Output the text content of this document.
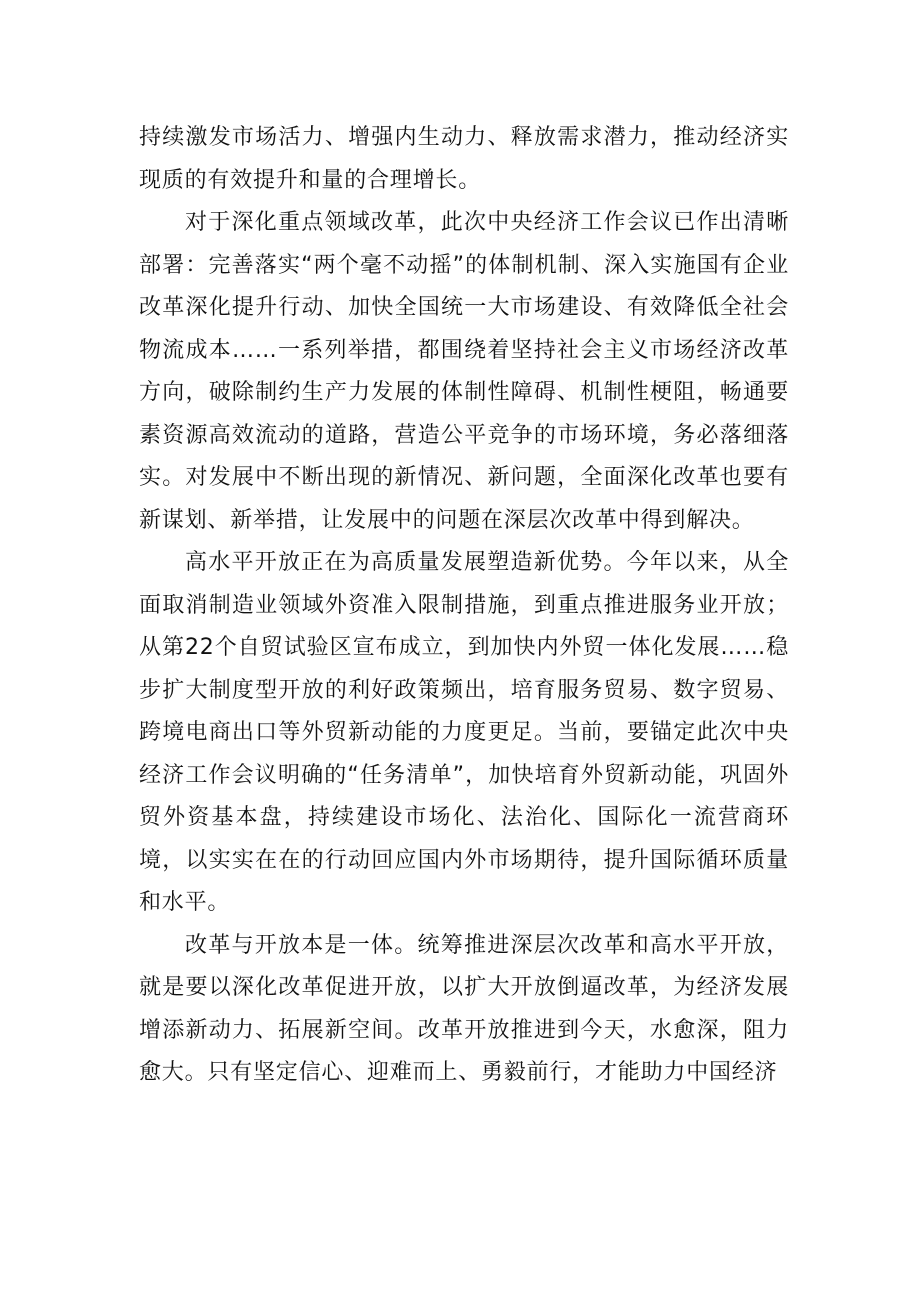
持续激发市场活力、增强内生动力、释放需求潜力，推动经济实现质的有效提升和量的合理增长。

对于深化重点领域改革，此次中央经济工作会议已作出清晰部署：完善落实“两个毫不动摇”的体制机制、深入实施国有企业改革深化提升行动、加快全国统一大市场建设、有效降低全社会物流成本……一系列举措，都围绕着坚持社会主义市场经济改革方向，破除制约生产力发展的体制性障碍、机制性梗阻，畅通要素资源高效流动的道路，营造公平竞争的市场环境，务必落细落实。对发展中不断出现的新情况、新问题，全面深化改革也要有新谋划、新举措，让发展中的问题在深层次改革中得到解决。

高水平开放正在为高质量发展塑造新优势。今年以来，从全面取消制造业领域外资准入限制措施，到重点推进服务业开放；从第22个自贸试验区宣布成立，到加快内外贸一体化发展……稳步扩大制度型开放的利好政策频出，培育服务贸易、数字贸易、跨境电商出口等外贸新动能的力度更足。当前，要锚定此次中央经济工作会议明确的“任务清单”，加快培育外贸新动能，巩固外贸外资基本盘，持续建设市场化、法治化、国际化一流营商环境，以实实在在的行动回应国内外市场期待，提升国际循环质量和水平。

改革与开放本是一体。统筹推进深层次改革和高水平开放，就是要以深化改革促进开放，以扩大开放倒逼改革，为经济发展增添新动力、拓展新空间。改革开放推进到今天，水愈深，阻力愈大。只有坚定信心、迎难而上、勇毅前行，才能助力中国经济
